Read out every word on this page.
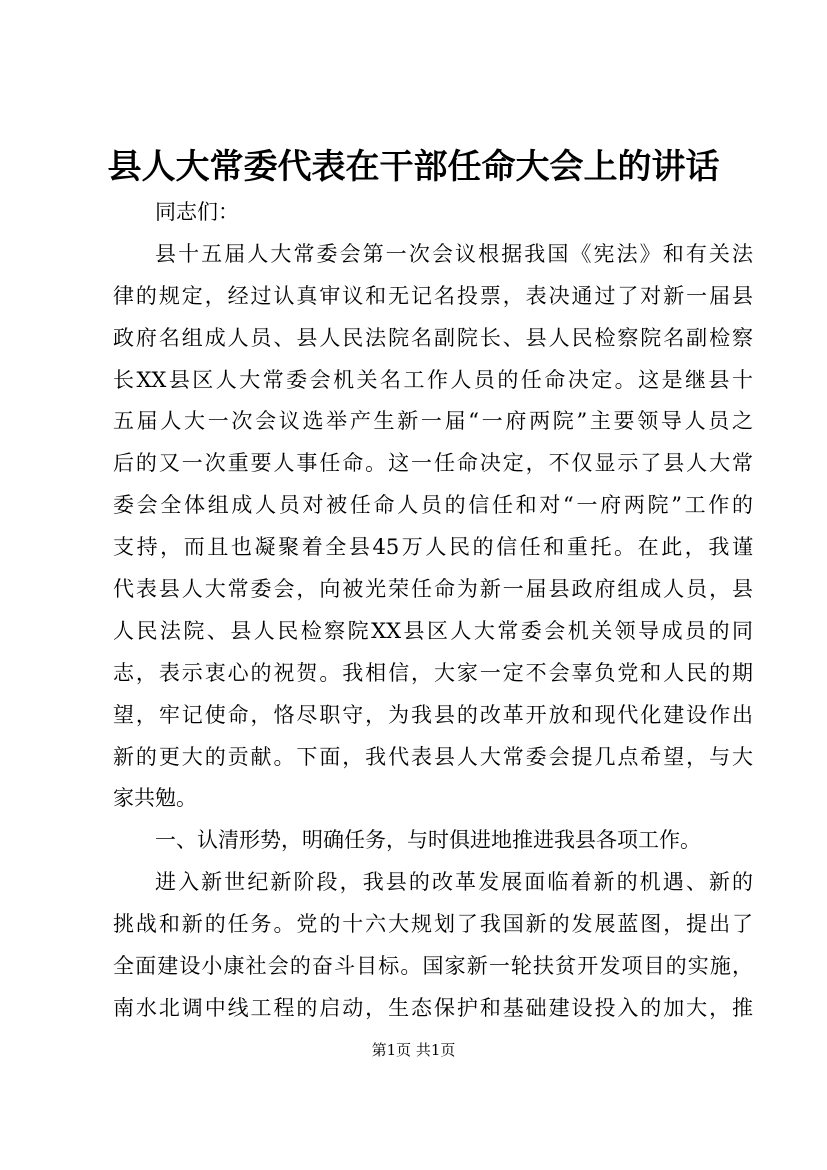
县人大常委代表在干部任命大会上的讲话
同志们：
县十五届人大常委会第一次会议根据我国《宪法》和有关法
律的规定，经过认真审议和无记名投票，表决通过了对新一届县
政府名组成人员、县人民法院名副院长、县人民检察院名副检察
长XX县区人大常委会机关名工作人员的任命决定。这是继县十
五届人大一次会议选举产生新一届“一府两院”主要领导人员之
后的又一次重要人事任命。这一任命决定，不仅显示了县人大常
委会全体组成人员对被任命人员的信任和对“一府两院”工作的
支持，而且也凝聚着全县45万人民的信任和重托。在此，我谨
代表县人大常委会，向被光荣任命为新一届县政府组成人员，县
人民法院、县人民检察院XX县区人大常委会机关领导成员的同
志，表示衷心的祝贺。我相信，大家一定不会辜负党和人民的期
望，牢记使命，恪尽职守，为我县的改革开放和现代化建设作出
新的更大的贡献。下面，我代表县人大常委会提几点希望，与大
家共勉。
一、认清形势，明确任务，与时俱进地推进我县各项工作。
进入新世纪新阶段，我县的改革发展面临着新的机遇、新的
挑战和新的任务。党的十六大规划了我国新的发展蓝图，提出了
全面建设小康社会的奋斗目标。国家新一轮扶贫开发项目的实施，
南水北调中线工程的启动，生态保护和基础建设投入的加大，推
第1页 共1页
